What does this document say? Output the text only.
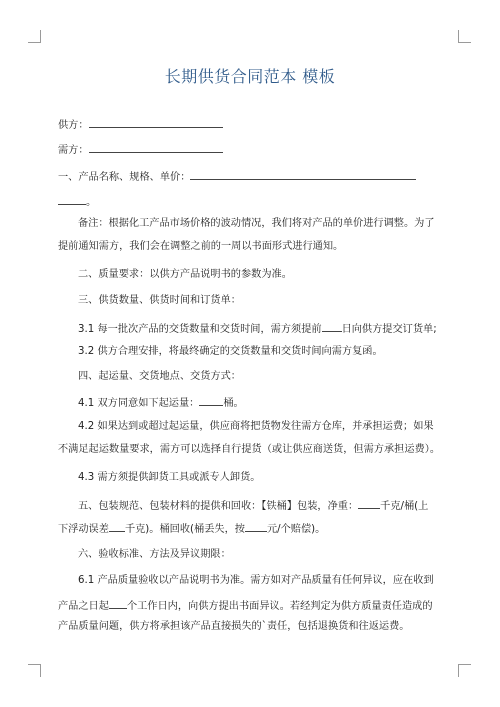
长期供货合同范本 模板
供方：
需方：
一、产品名称、规格、单价：
。
备注：根据化工产品市场价格的波动情况，我们将对产品的单价进行调整。为了
提前通知需方，我们会在调整之前的一周以书面形式进行通知。
二、质量要求：以供方产品说明书的参数为准。
三、供货数量、供货时间和订货单：
3.1 每一批次产品的交货数量和交货时间，需方须提前 日向供方提交订货单;
3.2 供方合理安排，将最终确定的交货数量和交货时间向需方复函。
四、起运量、交货地点、交货方式：
4.1 双方同意如下起运量： 桶。
4.2 如果达到或超过起运量，供应商将把货物发往需方仓库，并承担运费；如果
不满足起运数量要求，需方可以选择自行提货（或让供应商送货，但需方承担运费）。
4.3 需方须提供卸货工具或派专人卸货。
五、包装规范、包装材料的提供和回收：【铁桶】包装，净重： 千克/桶(上
下浮动误差 千克)。桶回收(桶丢失，按 元/个赔偿)。
六、验收标准、方法及异议期限：
6.1 产品质量验收以产品说明书为准。需方如对产品质量有任何异议，应在收到
产品之日起 个工作日内，向供方提出书面异议。若经判定为供方质量责任造成的
产品质量问题，供方将承担该产品直接损失的`责任，包括退换货和往返运费。
